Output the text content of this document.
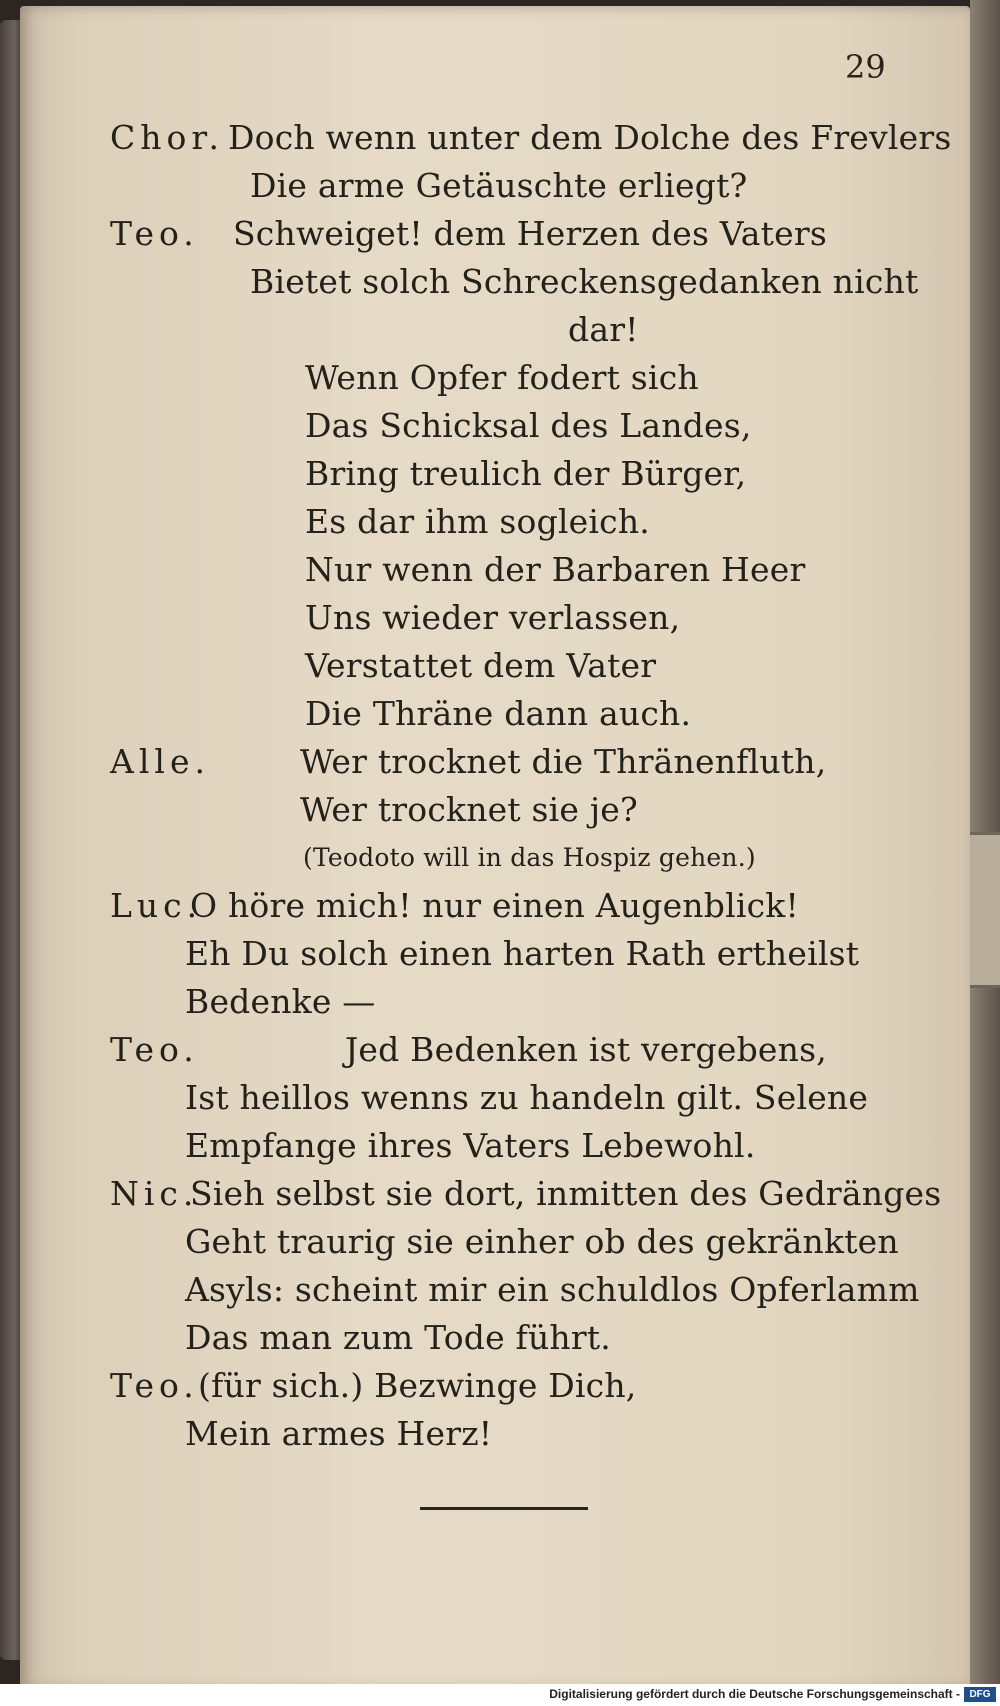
29
Chor. Doch wenn unter dem Dolche des Frevlers
Die arme Getäuschte erliegt?
Teo. Schweiget! dem Herzen des Vaters
Bietet solch Schreckensgedanken nicht
dar!
Wenn Opfer fodert sich
Das Schicksal des Landes,
Bring treulich der Bürger,
Es dar ihm sogleich.
Nur wenn der Barbaren Heer
Uns wieder verlassen,
Verstattet dem Vater
Die Thräne dann auch.
Alle.	Wer trocknet die Thränenfluth,
Wer trocknet sie je?
(Teodoto will in das Hospiz gehen.)
Luc.
O höre mich! nur einen Augenblick!
Eh Du solch einen harten Rath ertheilst
Bedenke —
Teo.	Jed Bedenken ist vergebens,
Ist heillos wenns zu handeln gilt. Selene
Empfange ihres Vaters Lebewohl.
Nic.
Sieh selbst sie dort, inmitten des Gedränges
Geht traurig sie einher ob des gekränkten
Asyls: scheint mir ein schuldlos Opferlamm
Das man zum Tode führt.
Teo. (für sich.) Bezwinge Dich,
Mein armes Herz!
Digitalisierung gefördert durch die Deutsche Forschungsgemeinschaft - DFG
